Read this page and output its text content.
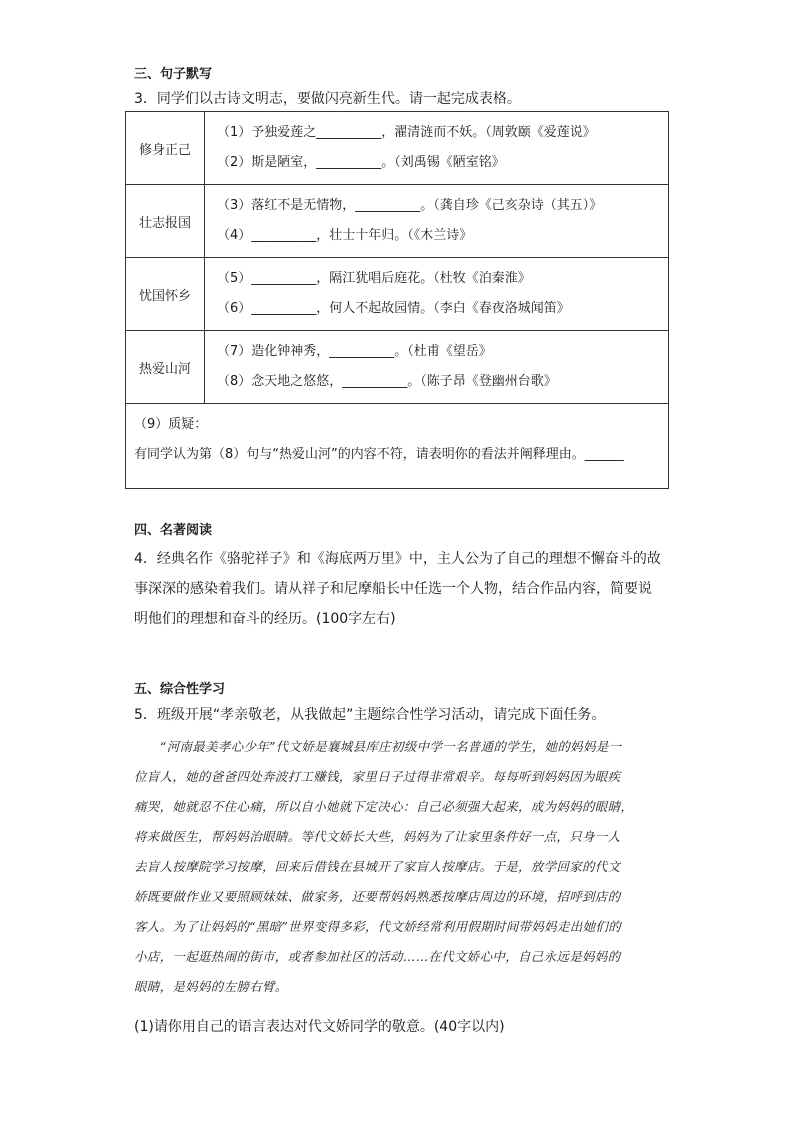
三、句子默写
3．同学们以古诗文明志，要做闪亮新生代。请一起完成表格。
修身正己	（1）予独爱莲之__________，濯清涟而不妖。（周敦颐《爱莲说》
（2）斯是陋室，__________。（刘禹锡《陋室铭》

壮志报国	（3）落红不是无情物，__________。（龚自珍《己亥杂诗（其五）》
（4）__________，壮士十年归。（《木兰诗》

忧国怀乡	（5）__________，隔江犹唱后庭花。（杜牧《泊秦淮》
（6）__________，何人不起故园情。（李白《春夜洛城闻笛》

热爱山河	（7）造化钟神秀，__________。（杜甫《望岳》
（8）念天地之悠悠，__________。（陈子昂《登幽州台歌》

（9）质疑：
有同学认为第（8）句与“热爱山河”的内容不符，请表明你的看法并阐释理由。______	
四、名著阅读
4．经典名作《骆驼祥子》和《海底两万里》中，主人公为了自己的理想不懈奋斗的故事深深的感染着我们。请从祥子和尼摩船长中任选一个人物，结合作品内容，简要说明他们的理想和奋斗的经历。(100字左右)
五、综合性学习
5．班级开展“孝亲敬老，从我做起”主题综合性学习活动，请完成下面任务。
“河南最美孝心少年”代文娇是襄城县库庄初级中学一名普通的学生，她的妈妈是一
位盲人，她的爸爸四处奔波打工赚钱，家里日子过得非常艰辛。每每听到妈妈因为眼疾
痛哭，她就忍不住心痛，所以自小她就下定决心：自己必须强大起来，成为妈妈的眼睛，
将来做医生，帮妈妈治眼睛。等代文娇长大些，妈妈为了让家里条件好一点，只身一人
去盲人按摩院学习按摩，回来后借钱在县城开了家盲人按摩店。于是，放学回家的代文
娇既要做作业又要照顾妹妹、做家务，还要帮妈妈熟悉按摩店周边的环境，招呼到店的
客人。为了让妈妈的“黑暗”世界变得多彩，代文娇经常利用假期时间带妈妈走出她们的
小店，一起逛热闹的街市，或者参加社区的活动……在代文娇心中，自己永远是妈妈的
眼睛，是妈妈的左膀右臂。
(1)请你用自己的语言表达对代文娇同学的敬意。(40字以内)
